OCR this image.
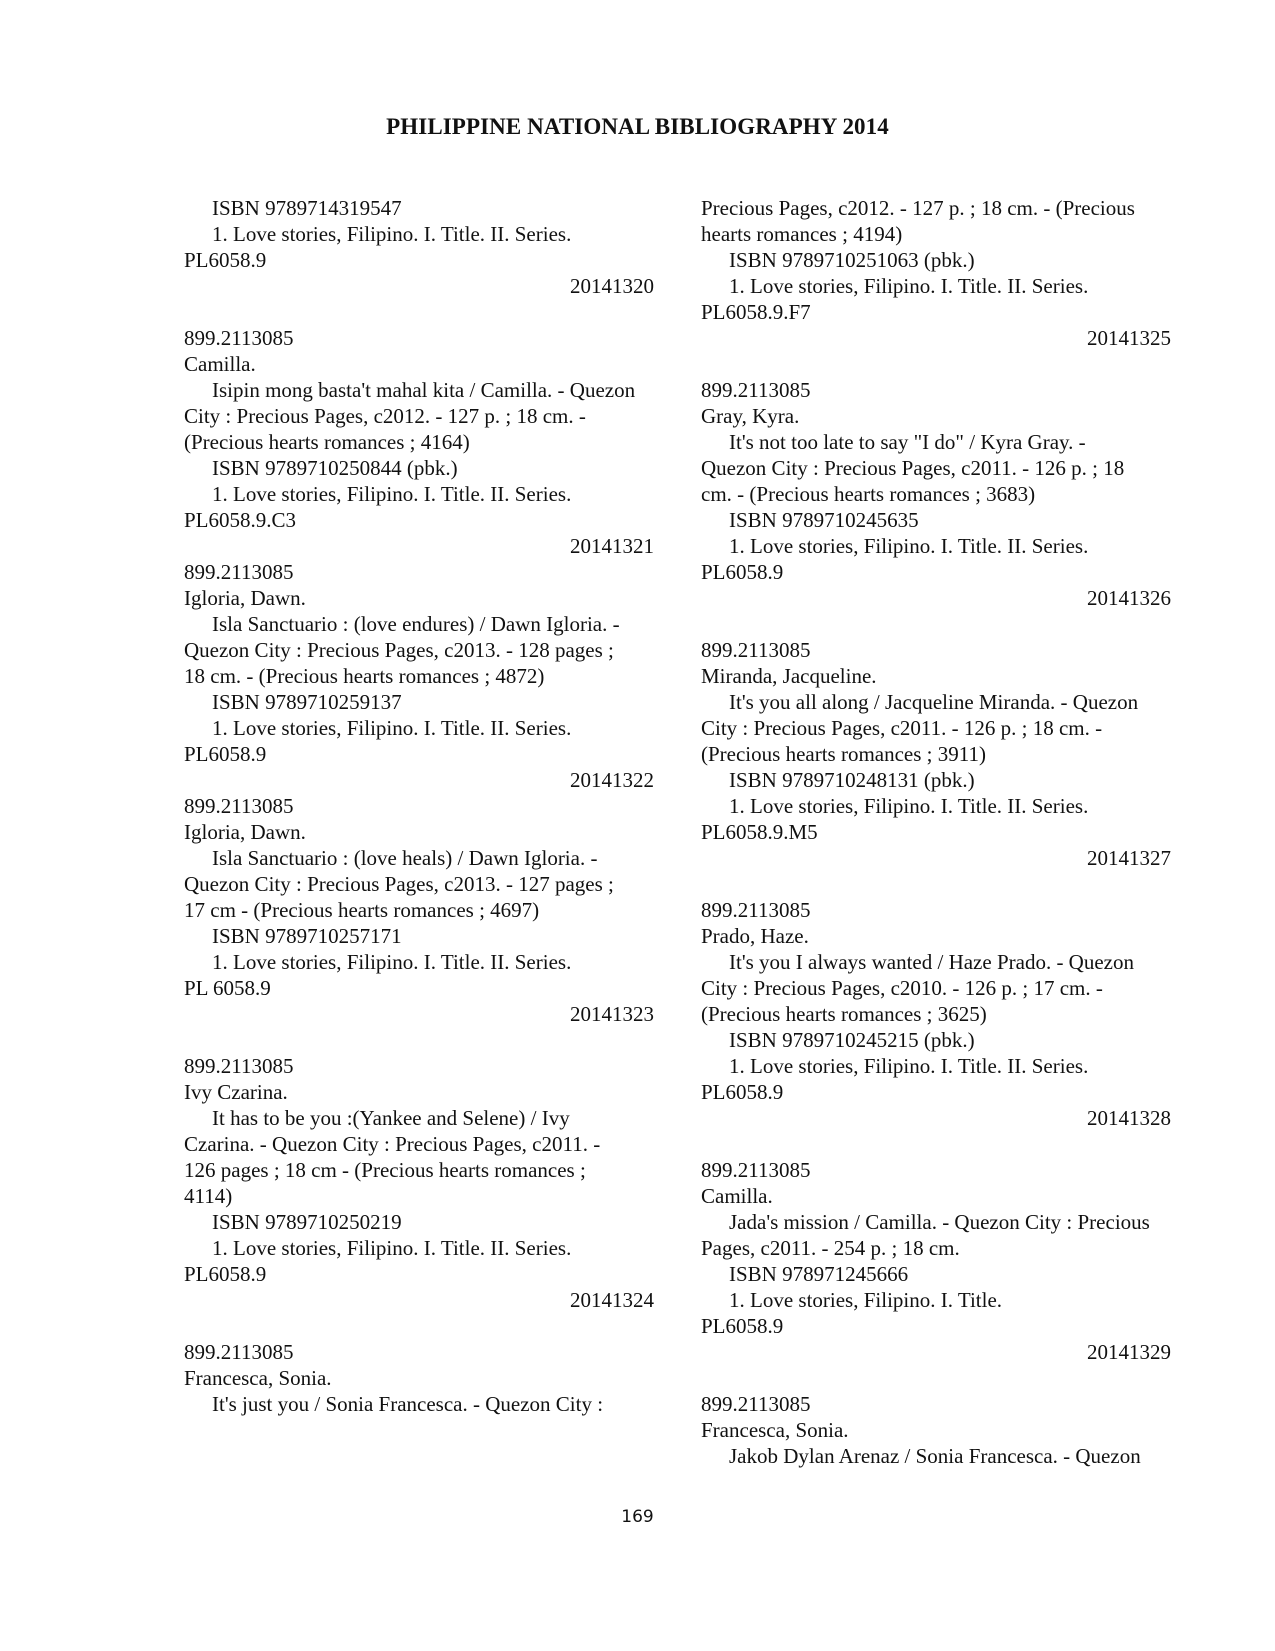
PHILIPPINE NATIONAL BIBLIOGRAPHY 2014
ISBN 9789714319547
1. Love stories, Filipino. I. Title. II. Series.
PL6058.9
20141320
899.2113085
Camilla.
Isipin mong basta't mahal kita / Camilla. - Quezon
City : Precious Pages, c2012. - 127 p. ; 18 cm. -
(Precious hearts romances ; 4164)
ISBN 9789710250844 (pbk.)
1. Love stories, Filipino. I. Title. II. Series.
PL6058.9.C3
20141321
899.2113085
Igloria, Dawn.
Isla Sanctuario : (love endures) / Dawn Igloria. -
Quezon City : Precious Pages, c2013. - 128 pages ;
18 cm. - (Precious hearts romances ; 4872)
ISBN 9789710259137
1. Love stories, Filipino. I. Title. II. Series.
PL6058.9
20141322
899.2113085
Igloria, Dawn.
Isla Sanctuario : (love heals) / Dawn Igloria. -
Quezon City : Precious Pages, c2013. - 127 pages ;
17 cm - (Precious hearts romances ; 4697)
ISBN 9789710257171
1. Love stories, Filipino. I. Title. II. Series.
PL 6058.9
20141323
899.2113085
Ivy Czarina.
It has to be you :(Yankee and Selene) / Ivy
Czarina. - Quezon City : Precious Pages, c2011. -
126 pages ; 18 cm - (Precious hearts romances ;
4114)
ISBN 9789710250219
1. Love stories, Filipino. I. Title. II. Series.
PL6058.9
20141324
899.2113085
Francesca, Sonia.
It's just you / Sonia Francesca. - Quezon City :
Precious Pages, c2012. - 127 p. ; 18 cm. - (Precious
hearts romances ; 4194)
ISBN 9789710251063 (pbk.)
1. Love stories, Filipino. I. Title. II. Series.
PL6058.9.F7
20141325
899.2113085
Gray, Kyra.
It's not too late to say "I do" / Kyra Gray. -
Quezon City : Precious Pages, c2011. - 126 p. ; 18
cm. - (Precious hearts romances ; 3683)
ISBN 9789710245635
1. Love stories, Filipino. I. Title. II. Series.
PL6058.9
20141326
899.2113085
Miranda, Jacqueline.
It's you all along / Jacqueline Miranda. - Quezon
City : Precious Pages, c2011. - 126 p. ; 18 cm. -
(Precious hearts romances ; 3911)
ISBN 9789710248131 (pbk.)
1. Love stories, Filipino. I. Title. II. Series.
PL6058.9.M5
20141327
899.2113085
Prado, Haze.
It's you I always wanted / Haze Prado. - Quezon
City : Precious Pages, c2010. - 126 p. ; 17 cm. -
(Precious hearts romances ; 3625)
ISBN 9789710245215 (pbk.)
1. Love stories, Filipino. I. Title. II. Series.
PL6058.9
20141328
899.2113085
Camilla.
Jada's mission / Camilla. - Quezon City : Precious
Pages, c2011. - 254 p. ; 18 cm.
ISBN 978971245666
1. Love stories, Filipino. I. Title.
PL6058.9
20141329
899.2113085
Francesca, Sonia.
Jakob Dylan Arenaz / Sonia Francesca. - Quezon
169
